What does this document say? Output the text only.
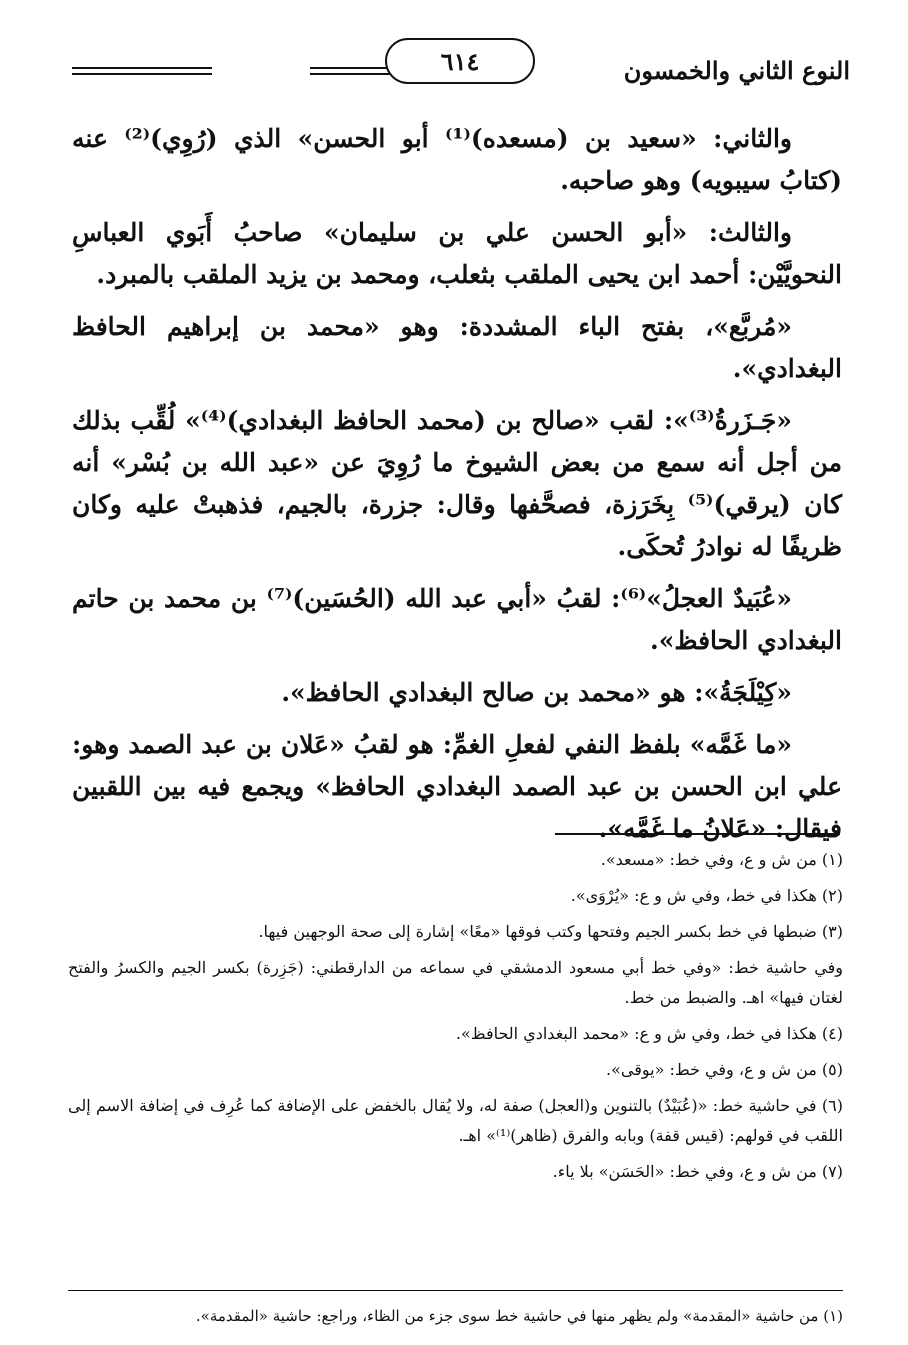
٦١٤	النوع الثاني والخمسون

والثاني: «سعيد بن (مسعده)⁽¹⁾ أبو الحسن» الذي (رُوِي)⁽²⁾ عنه (كتابُ سيبويه) وهو صاحبه.

والثالث: «أبو الحسن علي بن سليمان» صاحبُ أَبَوي العباسِ النحويَّيْن: أحمد ابن يحيى الملقب بثعلب، ومحمد بن يزيد الملقب بالمبرد.

«مُربَّع»، بفتح الباء المشددة: وهو «محمد بن إبراهيم الحافظ البغدادي».

«جَـزَرةُ⁽³⁾»: لقب «صالح بن (محمد الحافظ البغدادي)⁽⁴⁾» لُقِّب بذلك من أجل أنه سمع من بعض الشيوخ ما رُوِيَ عن «عبد الله بن بُسْر» أنه كان (يرقي)⁽⁵⁾ بِخَرَزة، فصحَّفها وقال: جزرة، بالجيم، فذهبتْ عليه وكان ظريفًا له نوادرُ تُحكَى.

«عُبَيدٌ العجلُ»⁽⁶⁾: لقبُ «أبي عبد الله (الحُسَين)⁽⁷⁾ بن محمد بن حاتم البغدادي الحافظ».

«كِيْلَجَةُ»: هو «محمد بن صالح البغدادي الحافظ».

«ما غَمَّه» بلفظ النفي لفعلِ الغمِّ: هو لقبُ «عَلان بن عبد الصمد وهو: علي ابن الحسن بن عبد الصمد البغدادي الحافظ» ويجمع فيه بين اللقبين فيقال: «عَلانُ ما غَمَّه».

(١) من ش و ع، وفي خط: «مسعد».

(٢) هكذا في خط، وفي ش و ع: «يُرْوَى».

(٣) ضبطها في خط بكسر الجيم وفتحها وكتب فوقها «معًا» إشارة إلى صحة الوجهين فيها.

وفي حاشية خط: «وفي خط أبي مسعود الدمشقي في سماعه من الدارقطني: (جَزِرة) بكسر الجيم والكسرُ والفتح لغتان فيها» اهـ. والضبط من خط.

(٤) هكذا في خط، وفي ش و ع: «محمد البغدادي الحافظ».

(٥) من ش و ع، وفي خط: «يوقى».

(٦) في حاشية خط: «(عُبَيْدٌ) بالتنوين و(العجل) صفة له، ولا يُقال بالخفض على الإضافة كما عُرِف في إضافة الاسم إلى اللقب في قولهم: (قيس قفة) وبابه والفرق (ظاهر)⁽¹⁾» اهـ.

(٧) من ش و ع، وفي خط: «الحَسَن» بلا ياء.

(١) من حاشية «المقدمة» ولم يظهر منها في حاشية خط سوى جزء من الظاء، وراجع: حاشية «المقدمة».
